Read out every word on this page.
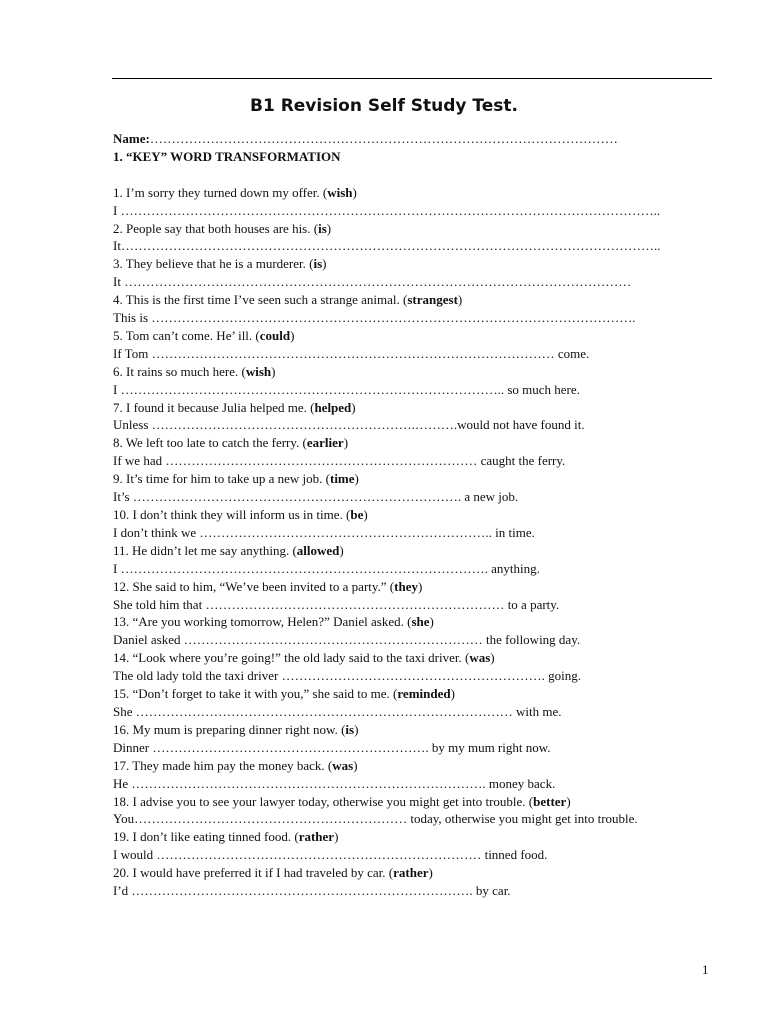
B1 Revision Self Study Test.
Name:………………………………………………………………………………………………
1. “KEY” WORD TRANSFORMATION
1. I’m sorry they turned down my offer. (wish)
I ……………………………………………………………………………………………………………..
2. People say that both houses are his. (is)
It……………………………………………………………………………………………………………..
3. They believe that he is a murderer. (is)
It ………………………………………………………………………………………………………
4. This is the first time I’ve seen such a strange animal. (strangest)
This is ………………………………………………………………………………………………….
5. Tom can’t come. He’ ill. (could)
If Tom ………………………………………………………………………………… come.
6. It rains so much here. (wish)
I …………………………………………………………………………….. so much here.
7. I found it because Julia helped me. (helped)
Unless …………………………………………………….……….would not have found it.
8. We left too late to catch the ferry. (earlier)
If we had ……………………………………………………………… caught the ferry.
9. It’s time for him to take up a new job. (time)
It’s …………………………………………………………………. a new job.
10. I don’t think they will inform us in time. (be)
I don’t think we ………………………………………………………….. in time.
11. He didn’t let me say anything. (allowed)
I …………………………………………………………………………. anything.
12. She said to him, “We’ve been invited to a party.” (they)
She told him that …………………………………………………………… to a party.
13. “Are you working tomorrow, Helen?” Daniel asked. (she)
Daniel asked …………………………………………………………… the following day.
14. “Look where you’re going!” the old lady said to the taxi driver. (was)
The old lady told the taxi driver ……………………………………………………. going.
15. “Don’t forget to take it with you,” she said to me. (reminded)
She …………………………………………………………………………… with me.
16. My mum is preparing dinner right now. (is)
Dinner ………………………………………………………. by my mum right now.
17. They made him pay the money back. (was)
He ………………………………………………………………………. money back.
18. I advise you to see your lawyer today, otherwise you might get into trouble. (better)
You……………………………………………………… today, otherwise you might get into trouble.
19. I don’t like eating tinned food. (rather)
I would ………………………………………………………………… tinned food.
20. I would have preferred it if I had traveled by car. (rather)
I’d ……………………………………………………………………. by car.
1
